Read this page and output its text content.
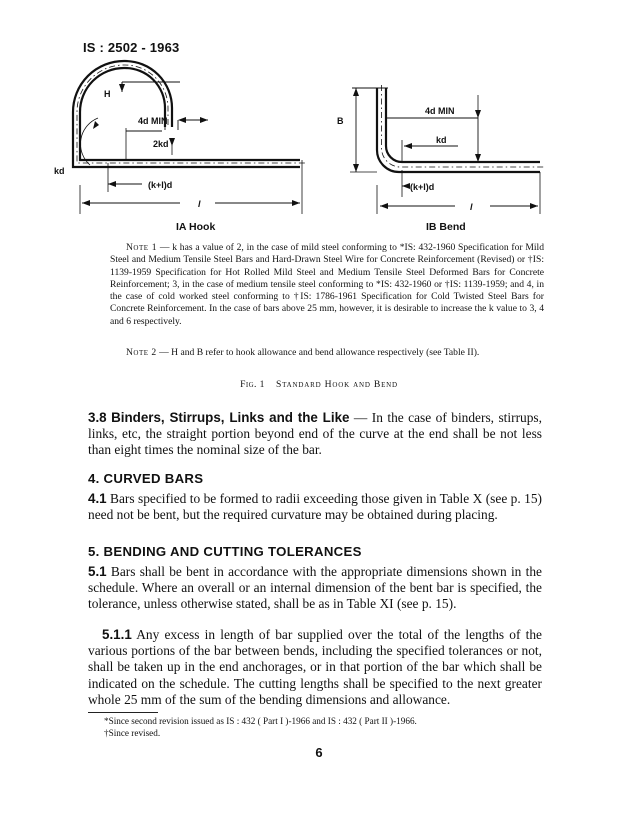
IS : 2502 - 1963
H
4d MIN
2kd
kd
(k+l)d
l
IA Hook
B
4d MIN
kd
(k+l)d
l
IB Bend
Note 1 — k has a value of 2, in the case of mild steel conforming to *IS: 432-1960 Specification for Mild Steel and Medium Tensile Steel Bars and Hard-Drawn Steel Wire for Concrete Reinforcement (Revised) or †IS: 1139-1959 Specification for Hot Rolled Mild Steel and Medium Tensile Steel Deformed Bars for Concrete Reinforcement; 3, in the case of medium tensile steel conforming to *IS: 432-1960 or †IS: 1139-1959; and 4, in the case of cold worked steel conforming to †IS: 1786-1961 Specification for Cold Twisted Steel Bars for Concrete Reinforcement. In the case of bars above 25 mm, however, it is desirable to increase the k value to 3, 4 and 6 respectively.
Note 2 — H and B refer to hook allowance and bend allowance respectively (see Table II).
Fig. 1 Standard Hook and Bend
3.8 Binders, Stirrups, Links and the Like — In the case of binders, stirrups, links, etc, the straight portion beyond end of the curve at the end shall be not less than eight times the nominal size of the bar.
4. CURVED BARS
4.1 Bars specified to be formed to radii exceeding those given in Table X (see p. 15) need not be bent, but the required curvature may be obtained during placing.
5. BENDING AND CUTTING TOLERANCES
5.1 Bars shall be bent in accordance with the appropriate dimensions shown in the schedule. Where an overall or an internal dimension of the bent bar is specified, the tolerance, unless otherwise stated, shall be as in Table XI (see p. 15).
5.1.1 Any excess in length of bar supplied over the total of the lengths of the various portions of the bar between bends, including the specified tolerances or not, shall be taken up in the end anchorages, or in that portion of the bar which shall be indicated on the schedule. The cutting lengths shall be specified to the next greater whole 25 mm of the sum of the bending dimensions and allowance.
*Since second revision issued as IS : 432 ( Part I )-1966 and IS : 432 ( Part II )-1966.
†Since revised.
6
